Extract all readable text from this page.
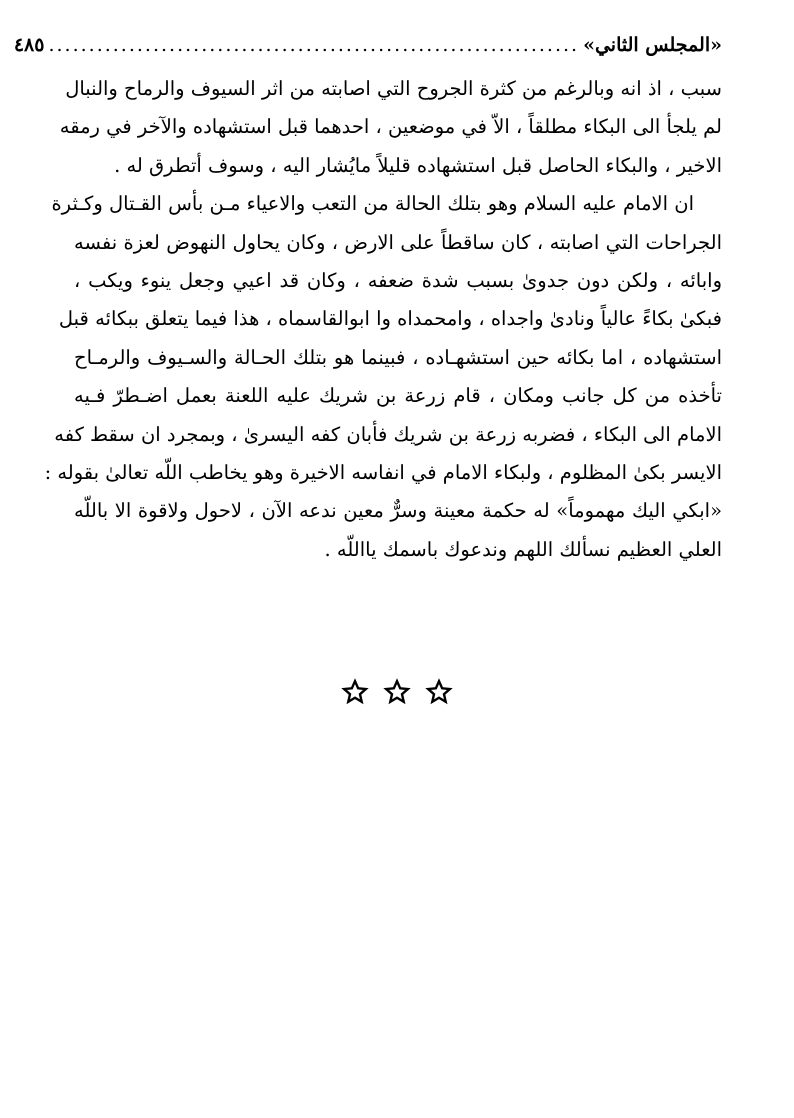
«المجلس الثاني»
..................................................................
٤٨٥

سبب ، اذ انه وبالرغم من كثرة الجروح التي اصابته من اثر السيوف والرماح والنبال
لم يلجأ الى البكاء مطلقاً ، الاّ في موضعين ، احدهما قبل استشهاده والآخر في رمقه
الاخير ، والبكاء الحاصل قبل استشهاده قليلاً مايُشار اليه ، وسوف أتطرق له .

ان الامام عليه السلام وهو بتلك الحالة من التعب والاعياء مـن بأس القـتال وكـثرة
الجراحات التي اصابته ، كان ساقطاً على الارض ، وكان يحاول النهوض لعزة نفسه
وابائه ، ولكن دون جدوىٰ بسبب شدة ضعفه ، وكان قد اعيي وجعل ينوء ويكب ،
فبكىٰ بكاءً عالياً ونادىٰ واجداه ، وامحمداه وا ابوالقاسماه ، هذا فيما يتعلق ببكائه قبل
استشهاده ، اما بكائه حين استشهـاده ، فبينما هو بتلك الحـالة والسـيوف والرمـاح
تأخذه من كل جانب ومكان ، قام زرعة بن شريك عليه اللعنة بعمل اضـطرّ فـيه
الامام الى البكاء ، فضربه زرعة بن شريك فأبان كفه اليسرىٰ ، وبمجرد ان سقط كفه
الايسر بكىٰ المظلوم ، ولبكاء الامام في انفاسه الاخيرة وهو يخاطب اللّه تعالىٰ بقوله :
«ابكي اليك مهموماً» له حكمة معينة وسرٌّ معين ندعه الآن ، لاحول ولاقوة الا باللّه
العلي العظيم نسألك اللهم وندعوك باسمك يااللّه .
